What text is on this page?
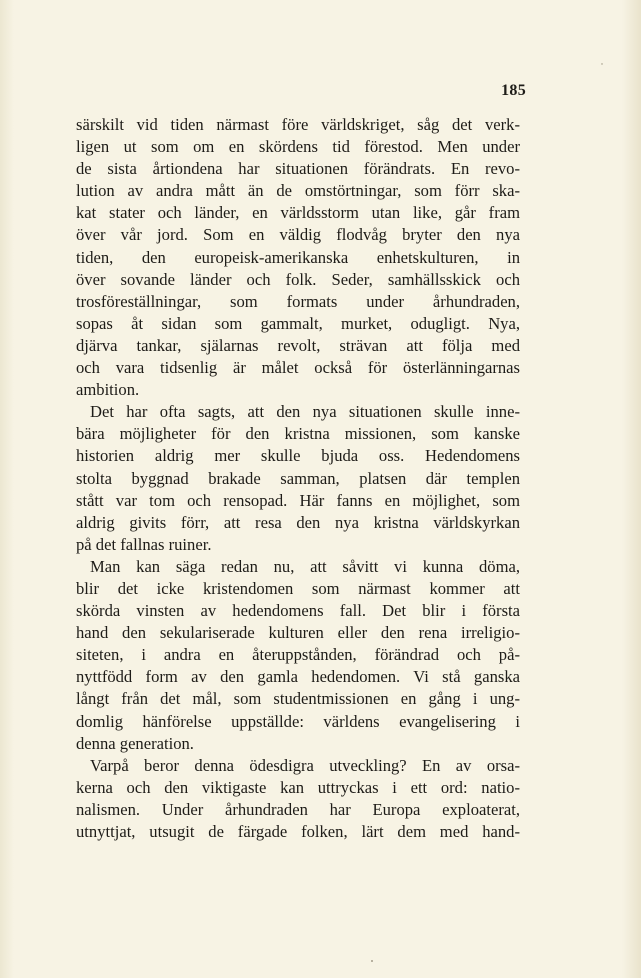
185
särskilt vid tiden närmast före världskriget, såg det verk-
ligen ut som om en skördens tid förestod. Men under
de sista årtiondena har situationen förändrats. En revo-
lution av andra mått än de omstörtningar, som förr ska-
kat stater och länder, en världsstorm utan like, går fram
över vår jord. Som en väldig flodvåg bryter den nya
tiden, den europeisk-amerikanska enhetskulturen, in
över sovande länder och folk. Seder, samhällsskick och
trosföreställningar, som formats under århundraden,
sopas åt sidan som gammalt, murket, odugligt. Nya,
djärva tankar, själarnas revolt, strävan att följa med
och vara tidsenlig är målet också för österlänningarnas
ambition.
Det har ofta sagts, att den nya situationen skulle inne-
bära möjligheter för den kristna missionen, som kanske
historien aldrig mer skulle bjuda oss. Hedendomens
stolta byggnad brakade samman, platsen där templen
stått var tom och rensopad. Här fanns en möjlighet, som
aldrig givits förr, att resa den nya kristna världskyrkan
på det fallnas ruiner.
Man kan säga redan nu, att såvitt vi kunna döma,
blir det icke kristendomen som närmast kommer att
skörda vinsten av hedendomens fall. Det blir i första
hand den sekulariserade kulturen eller den rena irreligio-
siteten, i andra en återuppstånden, förändrad och på-
nyttfödd form av den gamla hedendomen. Vi stå ganska
långt från det mål, som studentmissionen en gång i ung-
domlig hänförelse uppställde: världens evangelisering i
denna generation.
Varpå beror denna ödesdigra utveckling? En av orsa-
kerna och den viktigaste kan uttryckas i ett ord: natio-
nalismen. Under århundraden har Europa exploaterat,
utnyttjat, utsugit de färgade folken, lärt dem med hand-
